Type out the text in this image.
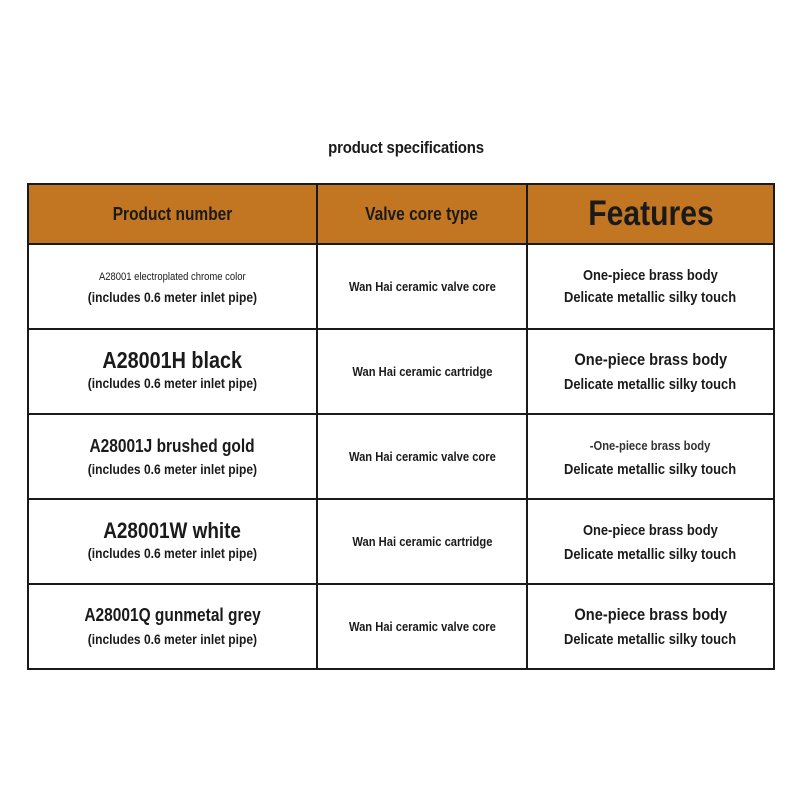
product specifications
Product number	Valve core type	Features

A28001 electroplated chrome color
(includes 0.6 meter inlet pipe)	Wan Hai ceramic valve core	One-piece brass body
Delicate metallic silky touch

A28001H black
(includes 0.6 meter inlet pipe)	Wan Hai ceramic cartridge	One-piece brass body
Delicate metallic silky touch

A28001J brushed gold
(includes 0.6 meter inlet pipe)	Wan Hai ceramic valve core	-One-piece brass body
Delicate metallic silky touch

A28001W white
(includes 0.6 meter inlet pipe)	Wan Hai ceramic cartridge	One-piece brass body
Delicate metallic silky touch

A28001Q gunmetal grey
(includes 0.6 meter inlet pipe)	Wan Hai ceramic valve core	One-piece brass body
Delicate metallic silky touch
